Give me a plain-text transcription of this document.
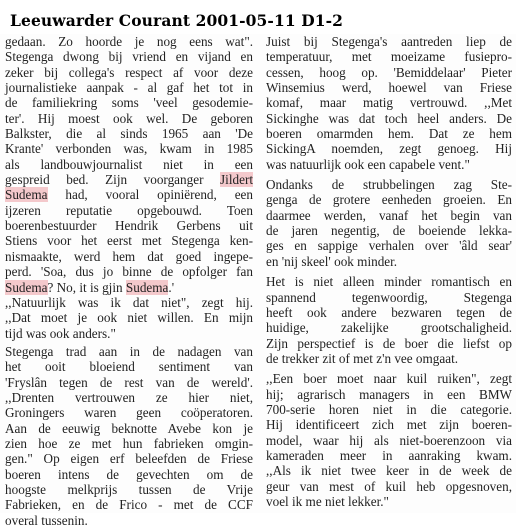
Leeuwarder Courant 2001-05-11 D1-2
gedaan. Zo hoorde je nog eens wat".
Stegenga dwong bij vriend en vijand en
zeker bij collega's respect af voor deze
journalistieke aanpak - al gaf het tot in
de familiekring soms 'veel gesodemie-
ter'. Hij moest ook wel. De geboren
Balkster, die al sinds 1965 aan 'De
Krante' verbonden was, kwam in 1985
als landbouwjournalist niet in een
gespreid bed. Zijn voorganger Jildert
Sudema had, vooral opiniërend, een
ijzeren reputatie opgebouwd. Toen
boerenbestuurder Hendrik Gerbens uit
Stiens voor het eerst met Stegenga ken-
nismaakte, werd hem dat goed ingepe-
perd. 'Soa, dus jo binne de opfolger fan
Sudema? No, it is gjin Sudema.'
,,Natuurlijk was ik dat niet", zegt hij.
,,Dat moet je ook niet willen. En mijn
tijd was ook anders."
Stegenga trad aan in de nadagen van
het ooit bloeiend sentiment van
'Fryslân tegen de rest van de wereld'.
,,Drenten vertrouwen ze hier niet,
Groningers waren geen coöperatoren.
Aan de eeuwig beknotte Avebe kon je
zien hoe ze met hun fabrieken omgin-
gen." Op eigen erf beleefden de Friese
boeren intens de gevechten om de
hoogste melkprijs tussen de Vrije
Fabrieken, en de Frico - met de CCF
overal tussenin.
Juist bij Stegenga's aantreden liep de
temperatuur, met moeizame fusiepro-
cessen, hoog op. 'Bemiddelaar' Pieter
Winsemius werd, hoewel van Friese
komaf, maar matig vertrouwd. ,,Met
Sickinghe was dat toch heel anders. De
boeren omarmden hem. Dat ze hem
SickingA noemden, zegt genoeg. Hij
was natuurlijk ook een capabele vent."
Ondanks de strubbelingen zag Ste-
genga de grotere eenheden groeien. En
daarmee werden, vanaf het begin van
de jaren negentig, de boeiende lekka-
ges en sappige verhalen over 'âld sear'
en 'nij skeel' ook minder.
Het is niet alleen minder romantisch en
spannend tegenwoordig, Stegenga
heeft ook andere bezwaren tegen de
huidige, zakelijke grootschaligheid.
Zijn perspectief is de boer die liefst op
de trekker zit of met z'n vee omgaat.
,,Een boer moet naar kuil ruiken", zegt
hij; agrarisch managers in een BMW
700-serie horen niet in die categorie.
Hij identificeert zich met zijn boeren-
model, waar hij als niet-boerenzoon via
kameraden meer in aanraking kwam.
,,Als ik niet twee keer in de week de
geur van mest of kuil heb opgesnoven,
voel ik me niet lekker."
